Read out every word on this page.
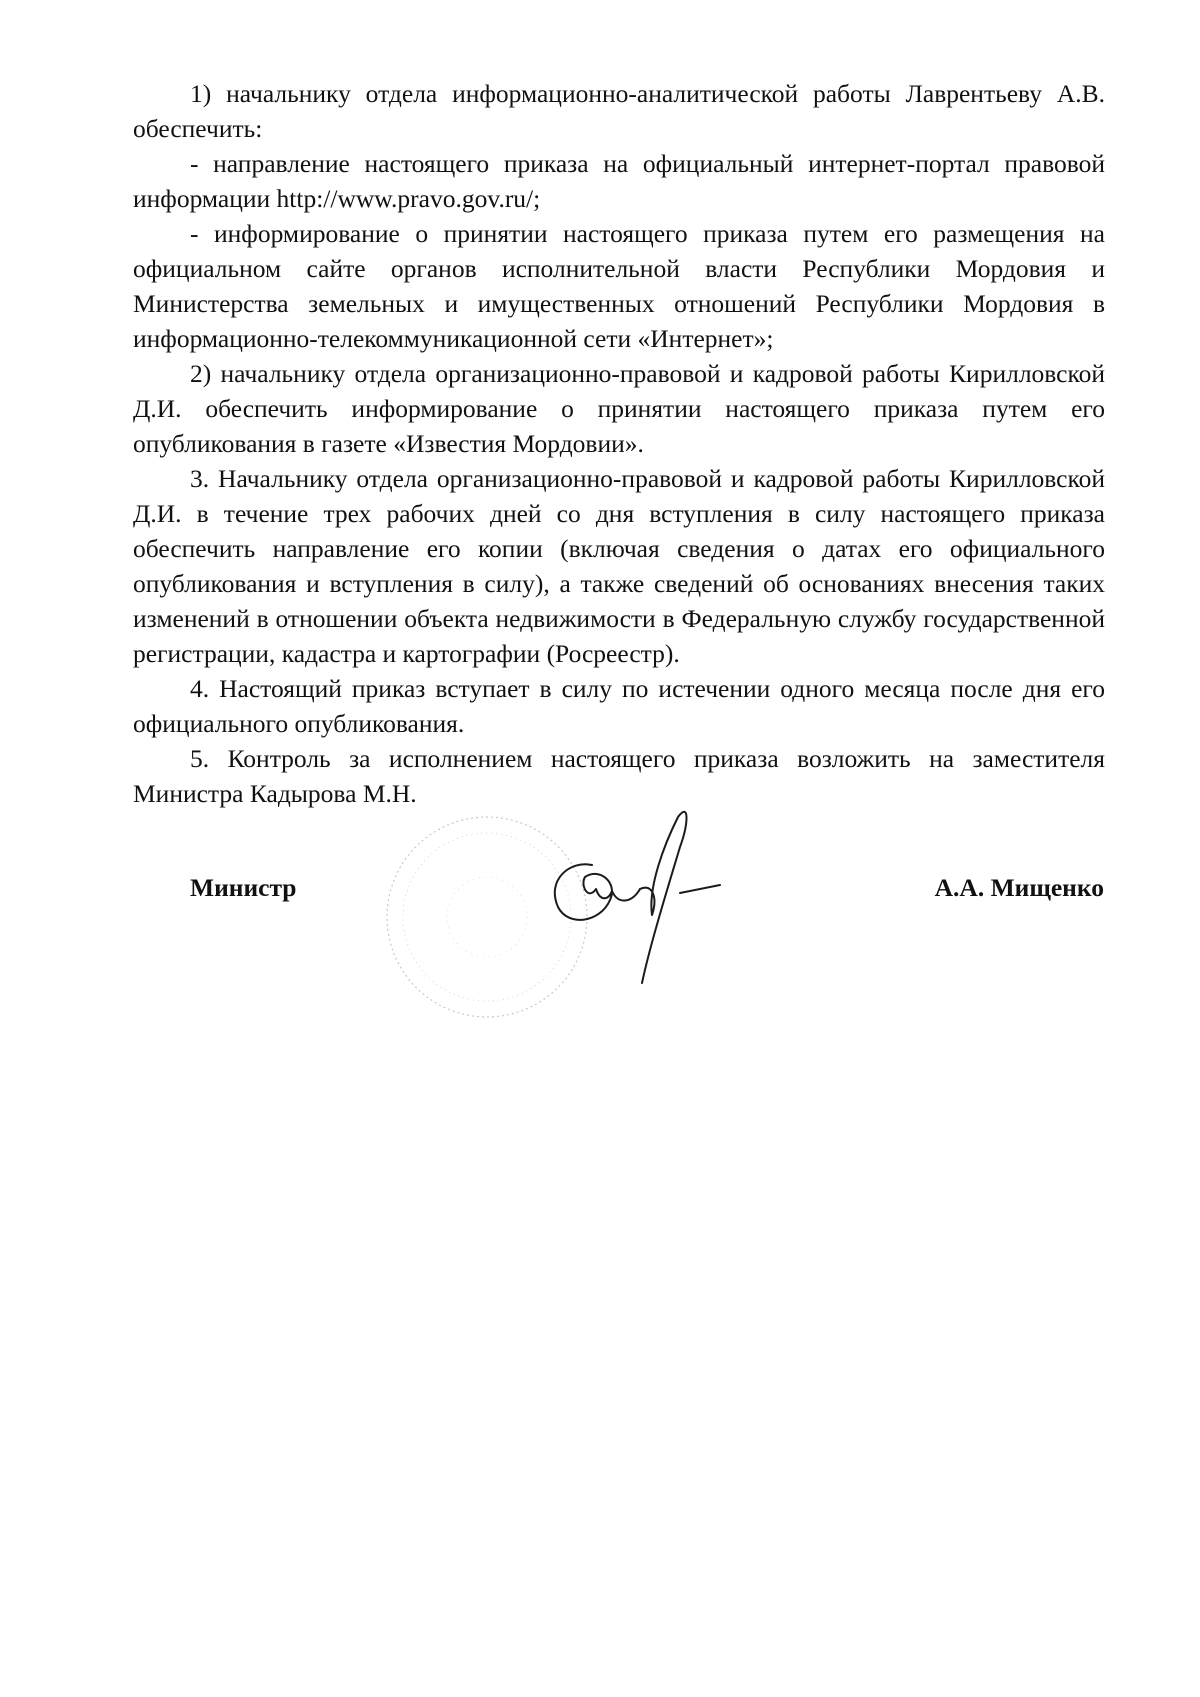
1) начальнику отдела информационно-аналитической работы Лаврентьеву А.В. обеспечить:

- направление настоящего приказа на официальный интернет-портал правовой информации http://www.pravo.gov.ru/;

- информирование о принятии настоящего приказа путем его размещения на официальном сайте органов исполнительной власти Республики Мордовия и Министерства земельных и имущественных отношений Республики Мордовия в информационно-телекоммуникационной сети «Интернет»;

2) начальнику отдела организационно-правовой и кадровой работы Кирилловской Д.И. обеспечить информирование о принятии настоящего приказа путем его опубликования в газете «Известия Мордовии».

3. Начальнику отдела организационно-правовой и кадровой работы Кирилловской Д.И. в течение трех рабочих дней со дня вступления в силу настоящего приказа обеспечить направление его копии (включая сведения о датах его официального опубликования и вступления в силу), а также сведений об основаниях внесения таких изменений в отношении объекта недвижимости в Федеральную службу государственной регистрации, кадастра и картографии (Росреестр).

4. Настоящий приказ вступает в силу по истечении одного месяца после дня его официального опубликования.

5. Контроль за исполнением настоящего приказа возложить на заместителя Министра Кадырова М.Н.

Министр	А.А. Мищенко
